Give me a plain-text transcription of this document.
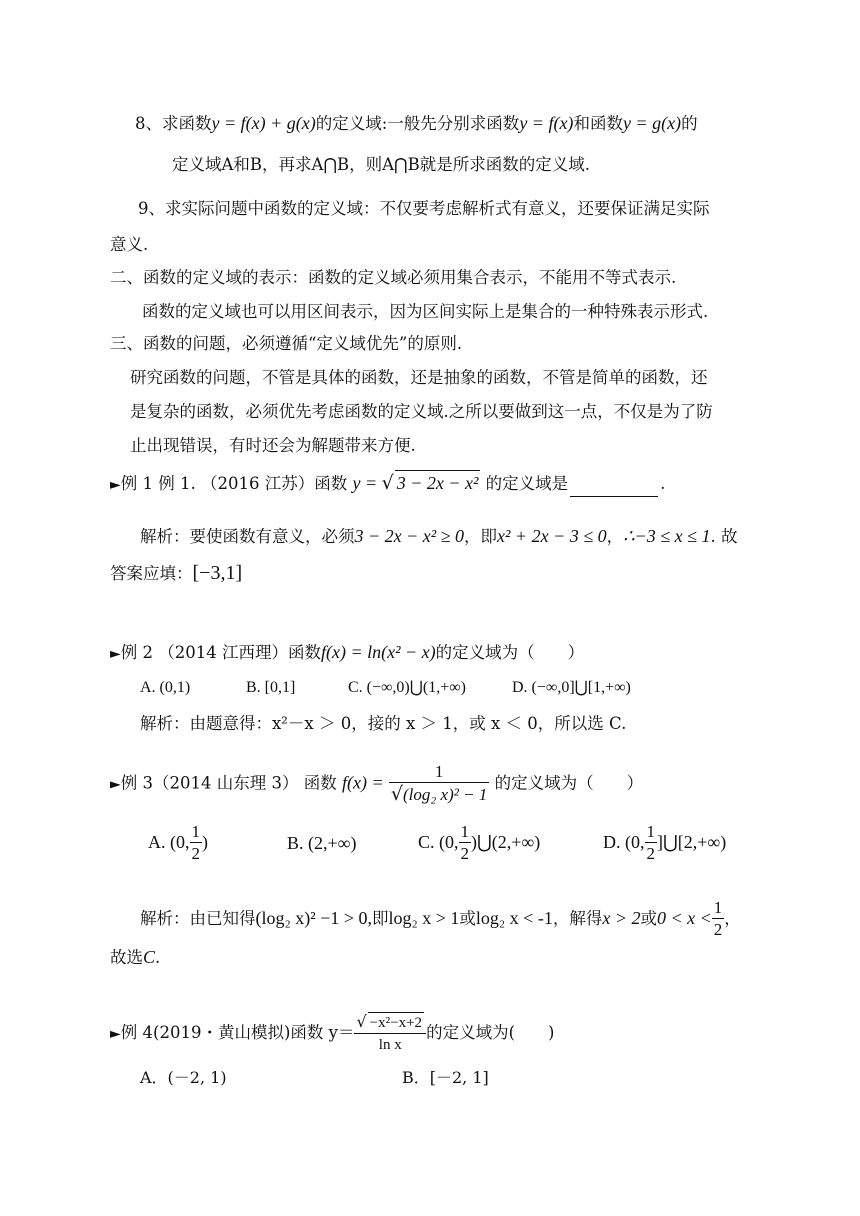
8、求函数y = f(x) + g(x)的定义域:一般先分别求函数y = f(x)和函数y = g(x)的
定义域A和B，再求A⋂B，则A⋂B就是所求函数的定义域.
9、求实际问题中函数的定义域：不仅要考虑解析式有意义，还要保证满足实际
意义.
二、函数的定义域的表示：函数的定义域必须用集合表示，不能用不等式表示.
函数的定义域也可以用区间表示，因为区间实际上是集合的一种特殊表示形式.
三、函数的问题，必须遵循“定义域优先”的原则.
研究函数的问题，不管是具体的函数，还是抽象的函数，不管是简单的函数，还
是复杂的函数，必须优先考虑函数的定义域.之所以要做到这一点，不仅是为了防
止出现错误，有时还会为解题带来方便.
►例 1 例 1. （2016 江苏）函数 y = √ 3 − 2x − x² 的定义域是	.
解析：要使函数有意义，必须3 − 2x − x² ≥ 0，即x² + 2x − 3 ≤ 0，∴−3 ≤ x ≤ 1. 故
答案应填：[−3,1]
►例 2 （2014 江西理）函数f(x) = ln(x² − x)的定义域为（　　）
A. (0,1)	B. [0,1]	C. (−∞,0)⋃(1,+∞)	D. (−∞,0]⋃[1,+∞)
解析：由题意得：x²－x ＞ 0，接的 x ＞ 1，或 x ＜ 0，所以选 C.
►例 3（2014 山东理 3） 函数 $f(x) = \frac{1}{\text{√(log₂ x)² − 1}}$ 的定义域为（　　）
A. (0, $\frac{1}{2}$ )	B. (2,+∞)	C. (0, $\frac{1}{2}$ )⋃(2,+∞)	D. (0, $\frac{1}{2}$ ]⋃[2,+∞)
解析：由已知得(log₂ x)² −1 > 0,即log₂ x > 1或log₂ x < -1，解得x > 2或$0 < x < \frac{1}{2}$ ，
故选C.
►例 4(2019・黄山模拟)函数 $y= \frac{\text{√ −x²−x+2}}{\text{ln x}}$ 的定义域为(　　)
A．(－2, 1)	B．[－2, 1]
